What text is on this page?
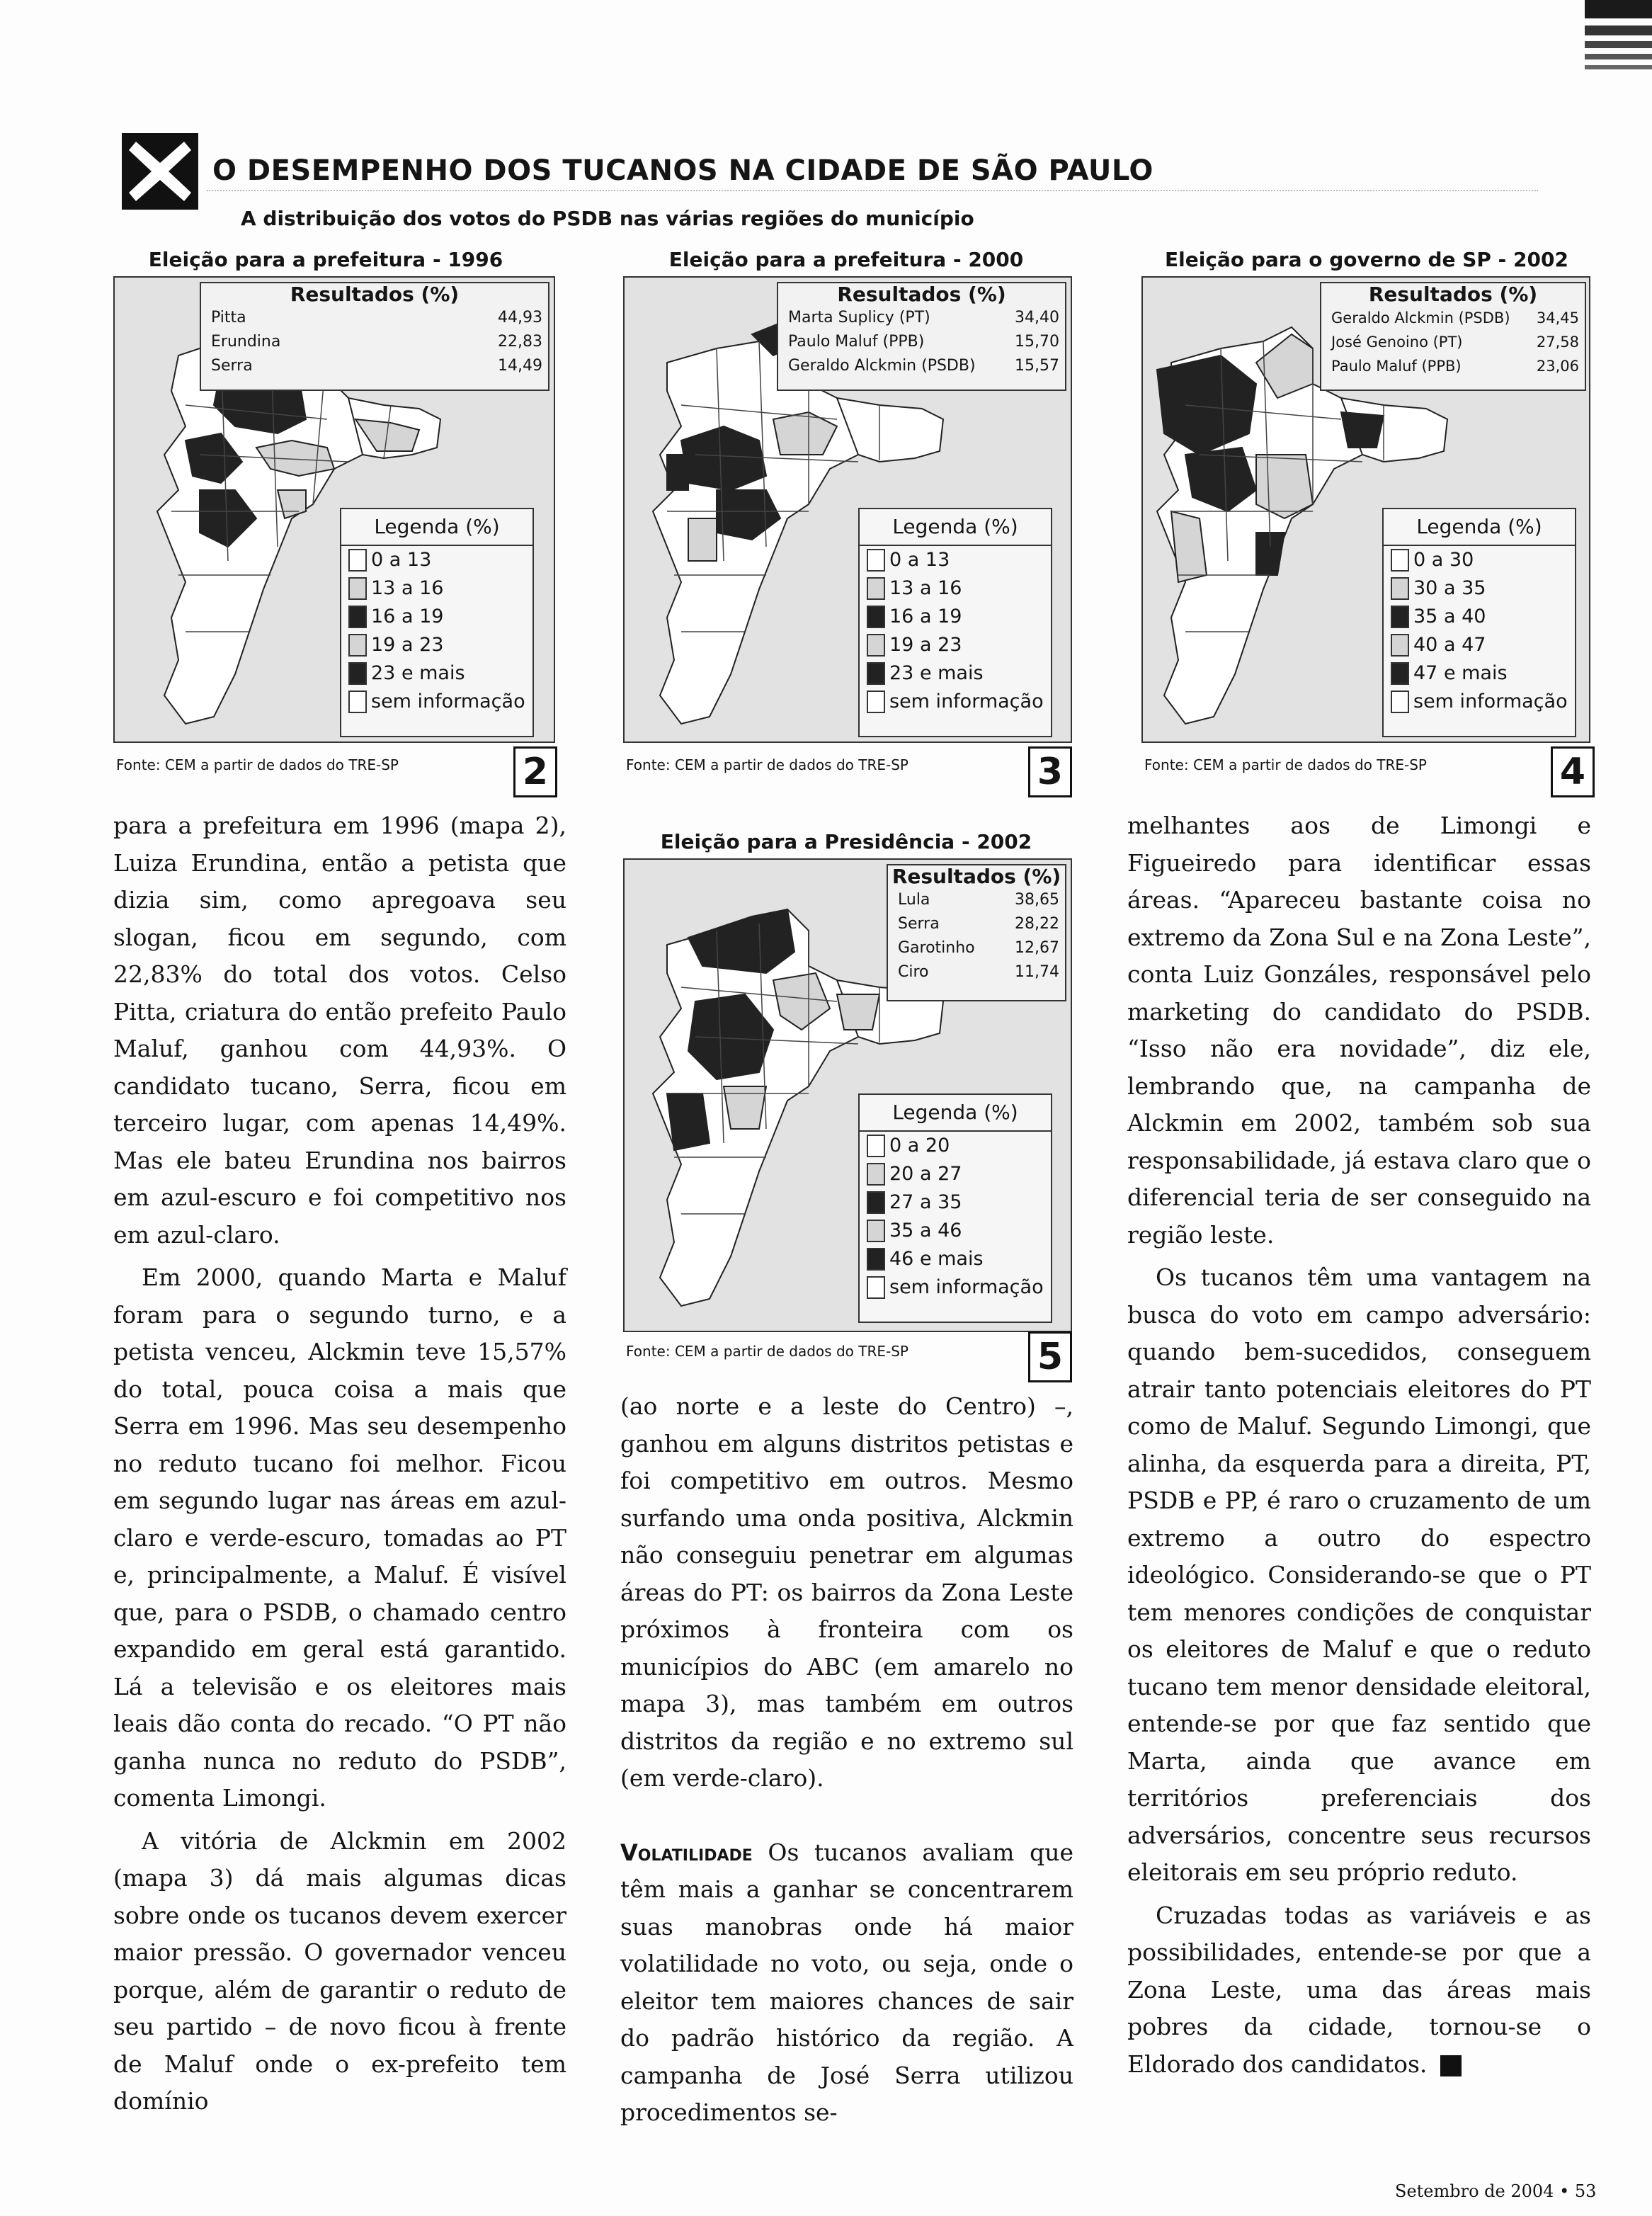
O DESEMPENHO DOS TUCANOS NA CIDADE DE SÃO PAULO
A distribuição dos votos do PSDB nas várias regiões do município
Eleição para a prefeitura - 1996
Resultados (%)
Pitta	44,93
Erundina	22,83
Serra	14,49
Legenda (%)
0 a 13
13 a 16
16 a 19
19 a 23
23 e mais
sem informação
Fonte: CEM a partir de dados do TRE-SP	2
Eleição para a prefeitura - 2000
Resultados (%)
Marta Suplicy (PT)	34,40
Paulo Maluf (PPB)	15,70
Geraldo Alckmin (PSDB)	15,57
Legenda (%)
0 a 13
13 a 16
16 a 19
19 a 23
23 e mais
sem informação
Fonte: CEM a partir de dados do TRE-SP	3
Eleição para o governo de SP - 2002
Resultados (%)
Geraldo Alckmin (PSDB) 34,45
José Genoino (PT)	27,58
Paulo Maluf (PPB)	23,06
Legenda (%)
0 a 30
30 a 35
35 a 40
40 a 47
47 e mais
sem informação
Fonte: CEM a partir de dados do TRE-SP	4
Eleição para a Presidência - 2002
Resultados (%)
Lula	38,65
Serra	28,22
Garotinho	12,67
Ciro	11,74
Legenda (%)
0 a 20
20 a 27
27 a 35
35 a 46
46 e mais
sem informação
Fonte: CEM a partir de dados do TRE-SP	5

para a prefeitura em 1996 (mapa 2), Luiza Erundina, então a petista que dizia sim, como apregoava seu slogan, ficou em segundo, com 22,83% do total dos votos. Celso Pitta, criatura do então prefeito Paulo Maluf, ganhou com 44,93%. O candidato tucano, Serra, ficou em terceiro lugar, com apenas 14,49%. Mas ele bateu Erundina nos bairros em azul-escuro e foi competitivo nos em azul-claro.

Em 2000, quando Marta e Maluf foram para o segundo turno, e a petista venceu, Alckmin teve 15,57% do total, pouca coisa a mais que Serra em 1996. Mas seu desempenho no reduto tucano foi melhor. Ficou em segundo lugar nas áreas em azul-claro e verde-escuro, tomadas ao PT e, principalmente, a Maluf. É visível que, para o PSDB, o chamado centro expandido em geral está garantido. Lá a televisão e os eleitores mais leais dão conta do recado. “O PT não ganha nunca no reduto do PSDB”, comenta Limongi.

A vitória de Alckmin em 2002 (mapa 3) dá mais algumas dicas sobre onde os tucanos devem exercer maior pressão. O governador venceu porque, além de garantir o reduto de seu partido – de novo ficou à frente de Maluf onde o ex-prefeito tem domínio

(ao norte e a leste do Centro) –, ganhou em alguns distritos petistas e foi competitivo em outros. Mesmo surfando uma onda positiva, Alckmin não conseguiu penetrar em algumas áreas do PT: os bairros da Zona Leste próximos à fronteira com os municípios do ABC (em amarelo no mapa 3), mas também em outros distritos da região e no extremo sul (em verde-claro).

Volatilidade Os tucanos avaliam que têm mais a ganhar se concentrarem suas manobras onde há maior volatilidade no voto, ou seja, onde o eleitor tem maiores chances de sair do padrão histórico da região. A campanha de José Serra utilizou procedimentos se-

melhantes aos de Limongi e Figueiredo para identificar essas áreas. “Apareceu bastante coisa no extremo da Zona Sul e na Zona Leste”, conta Luiz Gonzáles, responsável pelo marketing do candidato do PSDB. “Isso não era novidade”, diz ele, lembrando que, na campanha de Alckmin em 2002, também sob sua responsabilidade, já estava claro que o diferencial teria de ser conseguido na região leste.

Os tucanos têm uma vantagem na busca do voto em campo adversário: quando bem-sucedidos, conseguem atrair tanto potenciais eleitores do PT como de Maluf. Segundo Limongi, que alinha, da esquerda para a direita, PT, PSDB e PP, é raro o cruzamento de um extremo a outro do espectro ideológico. Considerando-se que o PT tem menores condições de conquistar os eleitores de Maluf e que o reduto tucano tem menor densidade eleitoral, entende-se por que faz sentido que Marta, ainda que avance em territórios preferenciais dos adversários, concentre seus recursos eleitorais em seu próprio reduto.

Cruzadas todas as variáveis e as possibilidades, entende-se por que a Zona Leste, uma das áreas mais pobres da cidade, tornou-se o Eldorado dos candidatos.

Setembro de 2004 • 53
